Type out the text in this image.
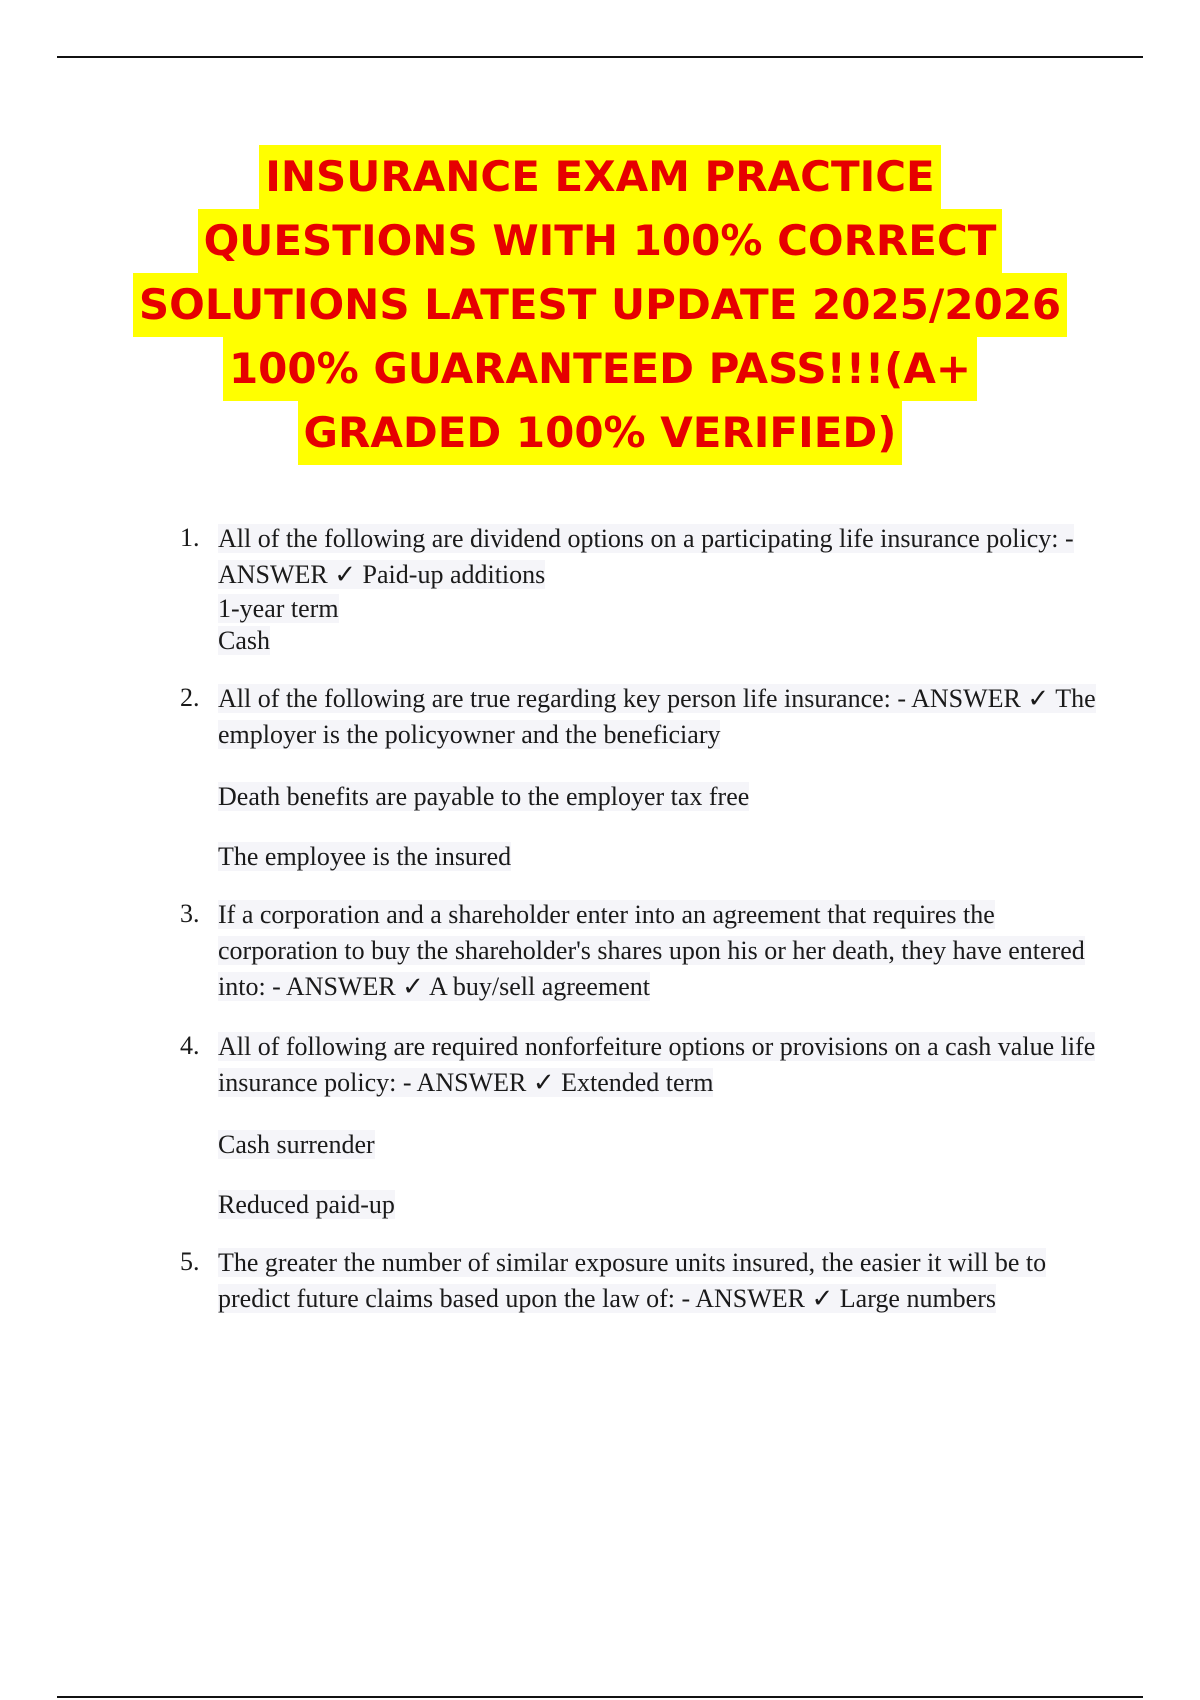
INSURANCE EXAM PRACTICE
QUESTIONS WITH 100% CORRECT
SOLUTIONS LATEST UPDATE 2025/2026
100% GUARANTEED PASS!!!(A+
GRADED 100% VERIFIED)
1. All of the following are dividend options on a participating life insurance policy: - ANSWER ✓ Paid-up additions
1-year term
Cash
2. All of the following are true regarding key person life insurance: - ANSWER ✓ The employer is the policyowner and the beneficiary
Death benefits are payable to the employer tax free
The employee is the insured
3. If a corporation and a shareholder enter into an agreement that requires the corporation to buy the shareholder's shares upon his or her death, they have entered into: - ANSWER ✓ A buy/sell agreement
4. All of following are required nonforfeiture options or provisions on a cash value life insurance policy: - ANSWER ✓ Extended term
Cash surrender
Reduced paid-up
5. The greater the number of similar exposure units insured, the easier it will be to predict future claims based upon the law of: - ANSWER ✓ Large numbers
